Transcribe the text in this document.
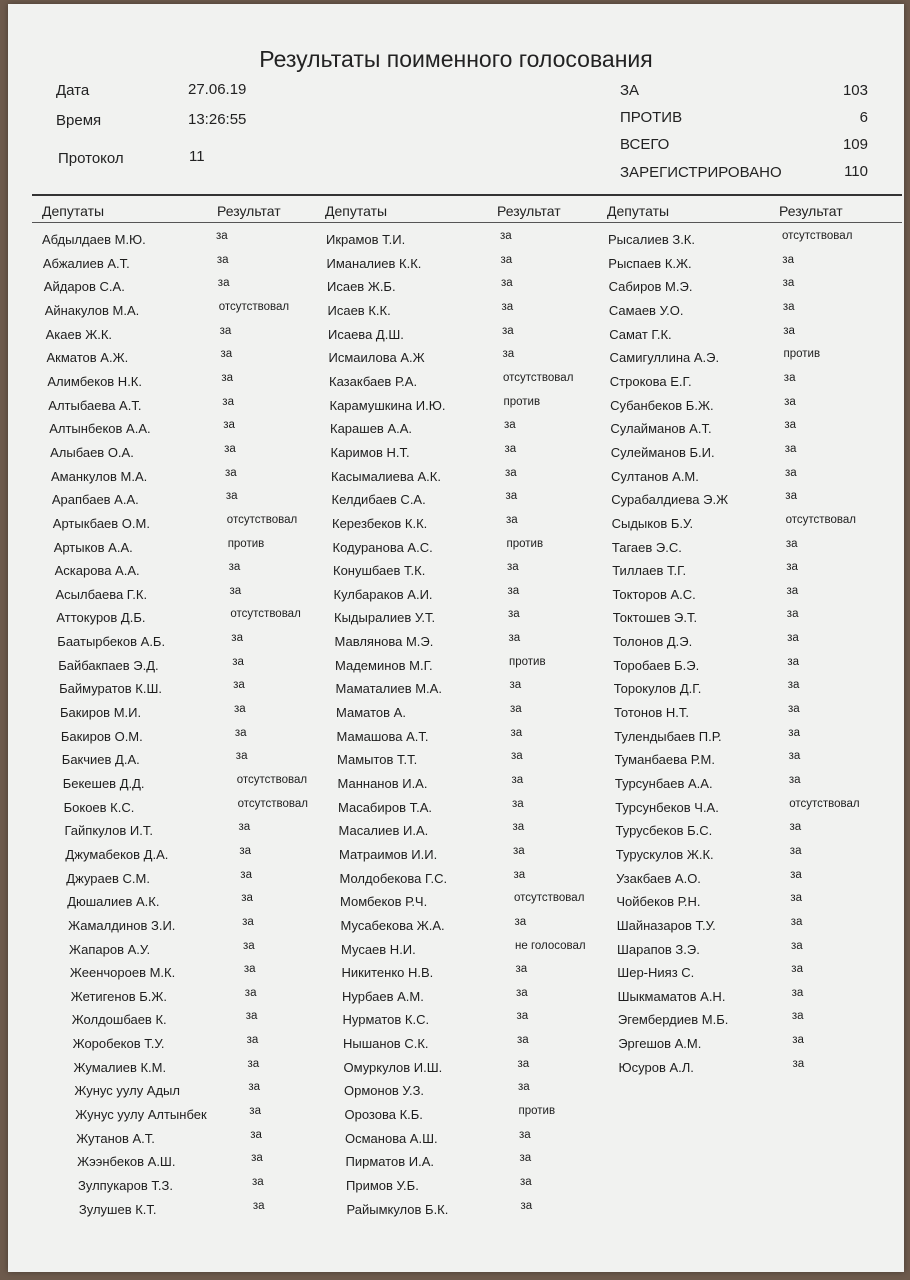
Результаты поименного голосования
Дата	27.06.19
Время	13:26:55
Протокол	11
ЗА	103
ПРОТИВ	6
ВСЕГО	109
ЗАРЕГИСТРИРОВАНО	110
Депутаты	Результат	Депутаты	Результат	Депутаты	Результат
Абдылдаев М.Ю.	за
Абжалиев А.Т.	за
Айдаров С.А.	за
Айнакулов М.А.	отсутствовал
Акаев Ж.К.	за
Акматов А.Ж.	за
Алимбеков Н.К.	за
Алтыбаева А.Т.	за
Алтынбеков А.А.	за
Алыбаев О.А.	за
Аманкулов М.А.	за
Арапбаев А.А.	за
Артыкбаев О.М.	отсутствовал
Артыков А.А.	против
Аскарова А.А.	за
Асылбаева Г.К.	за
Аттокуров Д.Б.	отсутствовал
Баатырбеков А.Б.	за
Байбакпаев Э.Д.	за
Баймуратов К.Ш.	за
Бакиров М.И.	за
Бакиров О.М.	за
Бакчиев Д.А.	за
Бекешев Д.Д.	отсутствовал
Бокоев К.С.	отсутствовал
Гайпкулов И.Т.	за
Джумабеков Д.А.	за
Джураев С.М.	за
Дюшалиев А.К.	за
Жамалдинов З.И.	за
Жапаров А.У.	за
Жеенчороев М.К.	за
Жетигенов Б.Ж.	за
Жолдошбаев К.	за
Жоробеков Т.У.	за
Жумалиев К.М.	за
Жунус уулу Адыл	за
Жунус уулу Алтынбек	за
Жутанов А.Т.	за
Жээнбеков А.Ш.	за
Зулпукаров Т.З.	за
Зулушев К.Т.	за
Икрамов Т.И.	за
Иманалиев К.К.	за
Исаев Ж.Б.	за
Исаев К.К.	за
Исаева Д.Ш.	за
Исмаилова А.Ж	за
Казакбаев Р.А.	отсутствовал
Карамушкина И.Ю.	против
Карашев А.А.	за
Каримов Н.Т.	за
Касымалиева А.К.	за
Келдибаев С.А.	за
Керезбеков К.К.	за
Кодуранова А.С.	против
Конушбаев Т.К.	за
Кулбараков А.И.	за
Кыдыралиев У.Т.	за
Мавлянова М.Э.	за
Мадеминов М.Г.	против
Маматалиев М.А.	за
Маматов А.	за
Мамашова А.Т.	за
Мамытов Т.Т.	за
Маннанов И.А.	за
Масабиров Т.А.	за
Масалиев И.А.	за
Матраимов И.И.	за
Молдобекова Г.С.	за
Момбеков Р.Ч.	отсутствовал
Мусабекова Ж.А.	за
Мусаев Н.И.	не голосовал
Никитенко Н.В.	за
Нурбаев А.М.	за
Нурматов К.С.	за
Нышанов С.К.	за
Омуркулов И.Ш.	за
Ормонов У.З.	за
Орозова К.Б.	против
Османова А.Ш.	за
Пирматов И.А.	за
Примов У.Б.	за
Райымкулов Б.К.	за
Рысалиев З.К.	отсутствовал
Рыспаев К.Ж.	за
Сабиров М.Э.	за
Самаев У.О.	за
Самат Г.К.	за
Самигуллина А.Э.	против
Строкова Е.Г.	за
Субанбеков Б.Ж.	за
Сулайманов А.Т.	за
Сулейманов Б.И.	за
Султанов А.М.	за
Сурабалдиева Э.Ж	за
Сыдыков Б.У.	отсутствовал
Тагаев Э.С.	за
Тиллаев Т.Г.	за
Токторов А.С.	за
Токтошев Э.Т.	за
Толонов Д.Э.	за
Торобаев Б.Э.	за
Торокулов Д.Г.	за
Тотонов Н.Т.	за
Тулендыбаев П.Р.	за
Туманбаева Р.М.	за
Турсунбаев А.А.	за
Турсунбеков Ч.А.	отсутствовал
Турусбеков Б.С.	за
Турускулов Ж.К.	за
Узакбаев А.О.	за
Чойбеков Р.Н.	за
Шайназаров Т.У.	за
Шарапов З.Э.	за
Шер-Нияз С.	за
Шыкмаматов А.Н.	за
Эгембердиев М.Б.	за
Эргешов А.М.	за
Юсуров А.Л.	за
